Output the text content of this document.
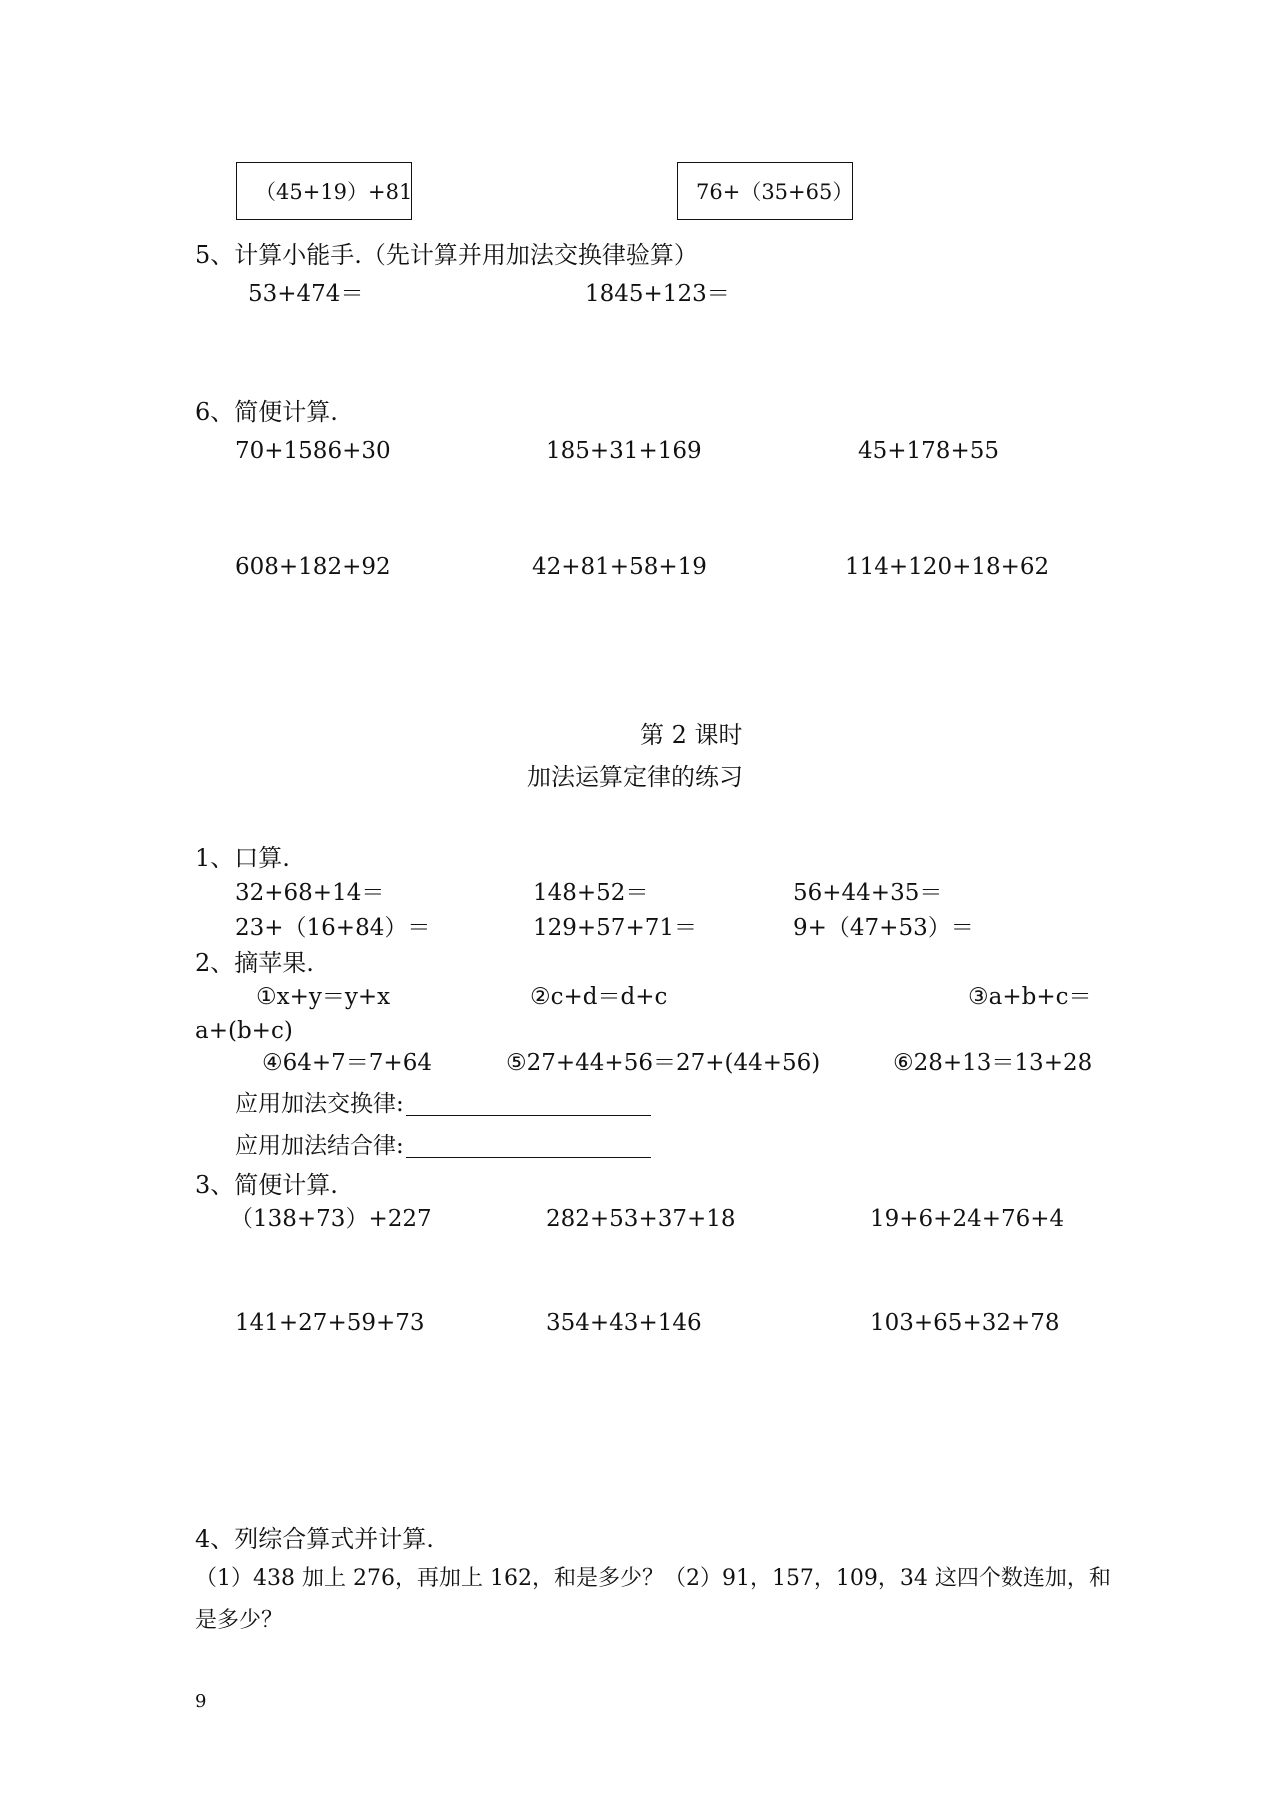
（45+19）+81	76+（35+65）
5、计算小能手.（先计算并用加法交换律验算）
53+474＝	1845+123＝
6、简便计算.
70+1586+30	185+31+169	45+178+55
608+182+92	42+81+58+19	114+120+18+62
第 2 课时
加法运算定律的练习
1、口算.
32+68+14＝	148+52＝	56+44+35＝
23+（16+84）＝	129+57+71＝	9+（47+53）＝
2、摘苹果.
①x+y＝y+x	②c+d＝d+c	③a+b+c＝
a+(b+c)
④64+7＝7+64	⑤27+44+56＝27+(44+56)	⑥28+13＝13+28
应用加法交换律:
应用加法结合律:
3、简便计算.
（138+73）+227	282+53+37+18	19+6+24+76+4
141+27+59+73	354+43+146	103+65+32+78
4、列综合算式并计算.
（1）438 加上 276，再加上 162，和是多少？（2）91，157，109，34 这四个数连加，和
是多少？
9
